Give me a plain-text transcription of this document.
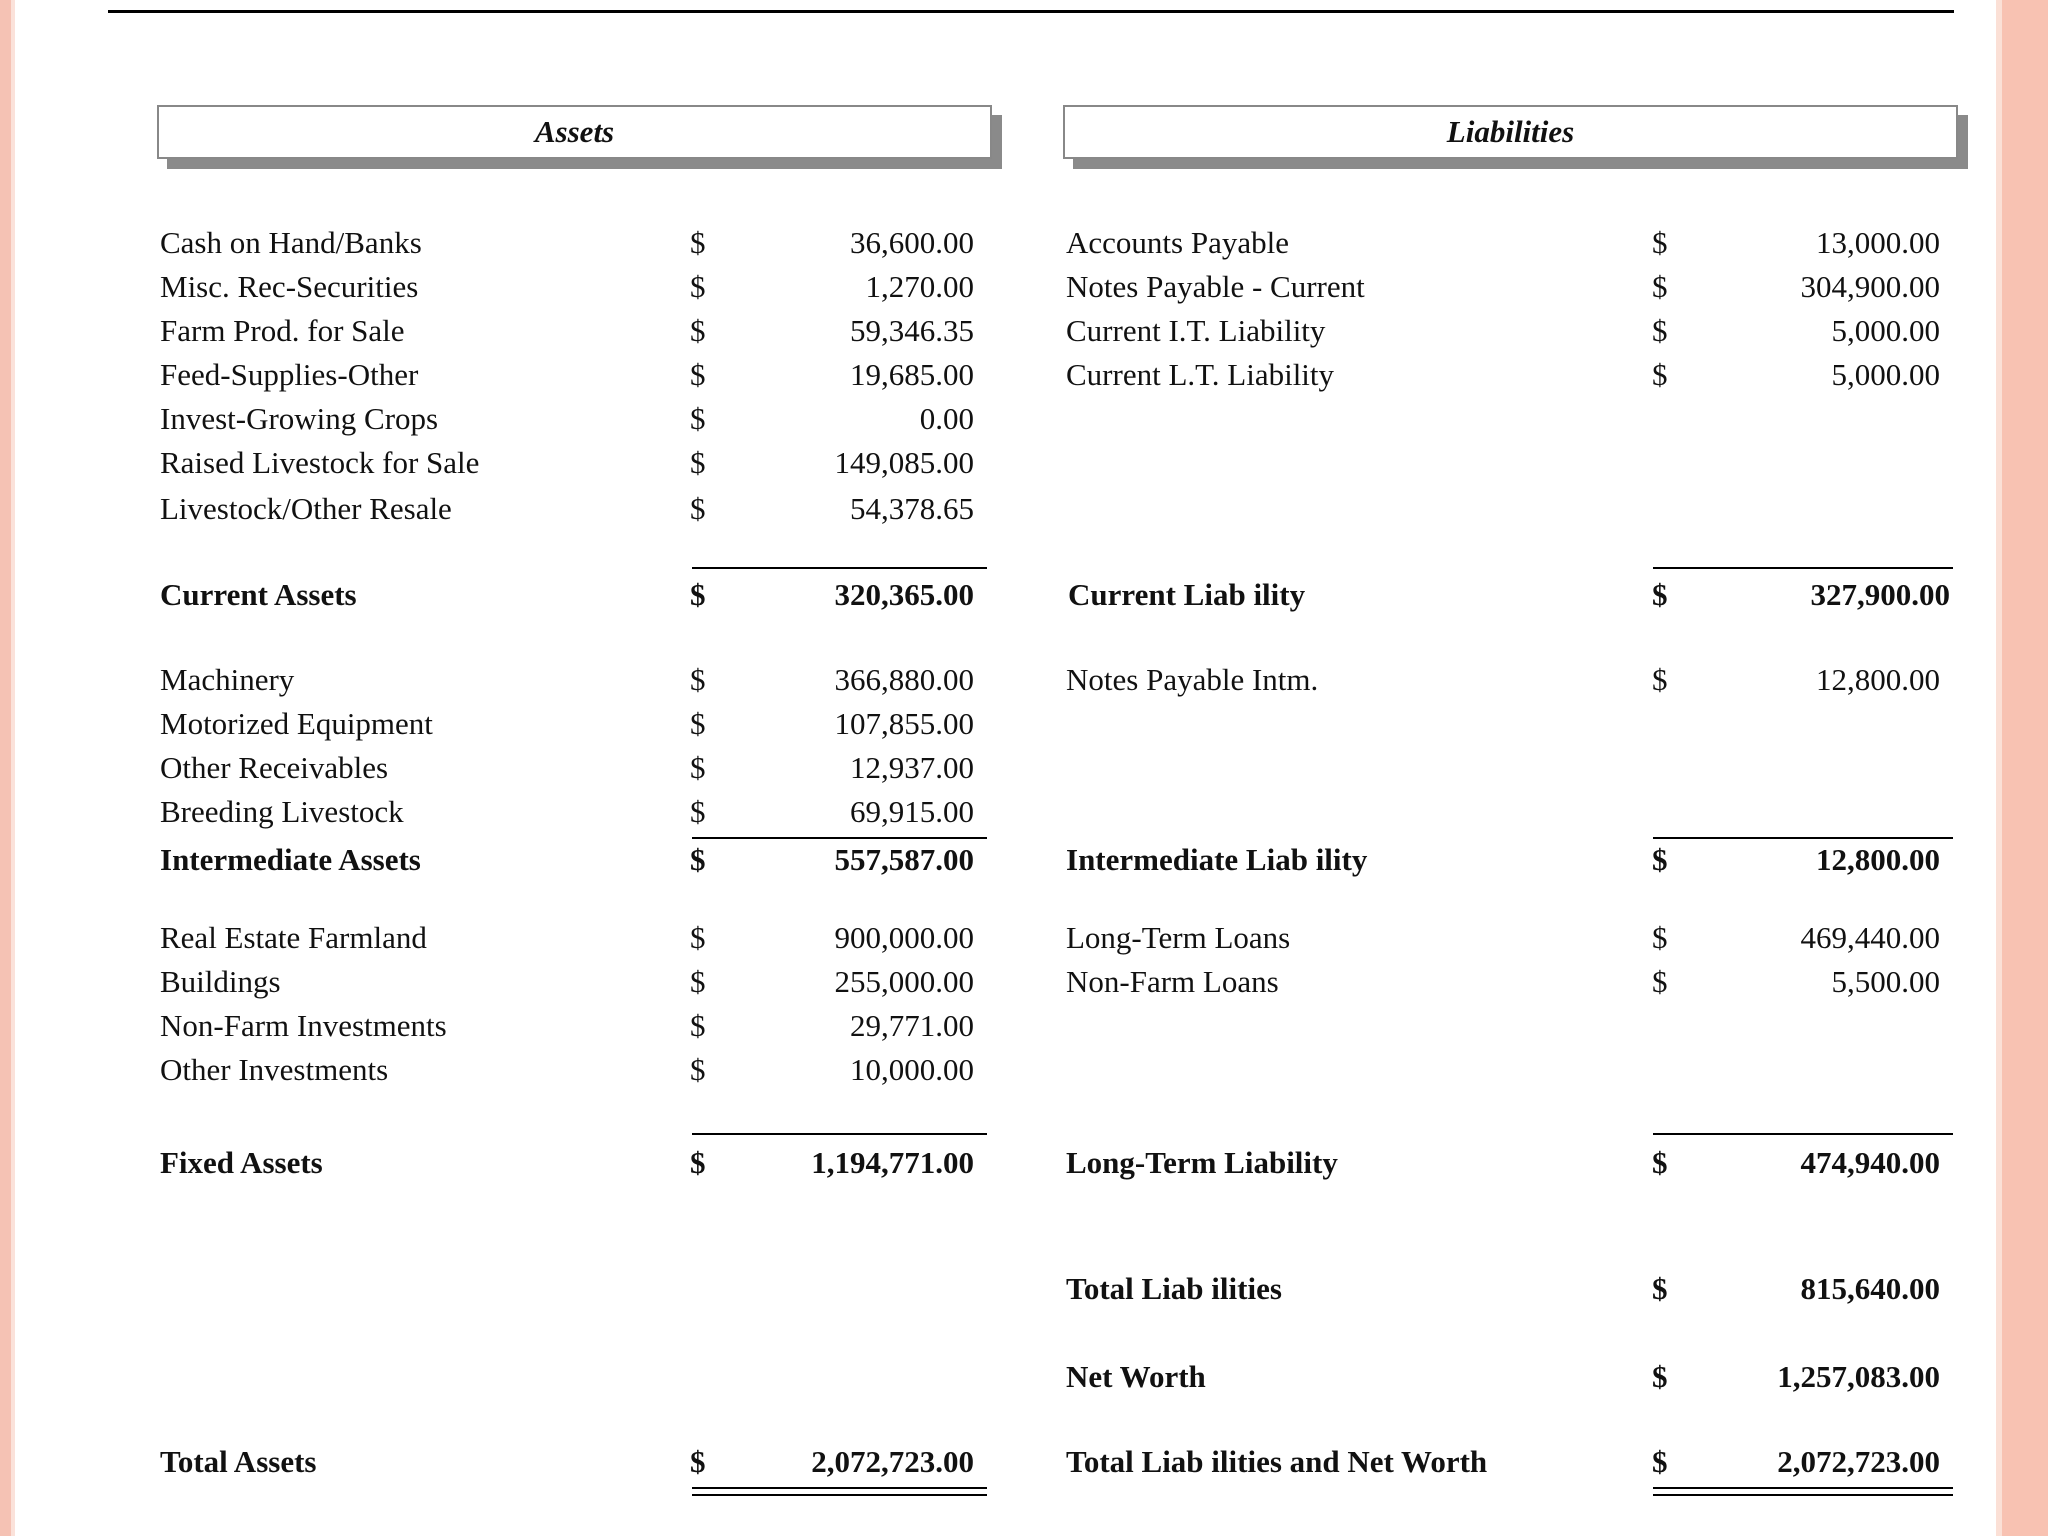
Assets	Liabilities
Cash on Hand/Banks	$	36,600.00
Misc. Rec-Securities	$	1,270.00
Farm Prod. for Sale	$	59,346.35
Feed-Supplies-Other	$	19,685.00
Invest-Growing Crops	$	0.00
Raised Livestock for Sale	$	149,085.00
Livestock/Other Resale	$	54,378.65
Current Assets	$	320,365.00
Machinery	$	366,880.00
Motorized Equipment	$	107,855.00
Other Receivables	$	12,937.00
Breeding Livestock	$	69,915.00
Intermediate Assets	$	557,587.00
Real Estate Farmland	$	900,000.00
Buildings	$	255,000.00
Non-Farm Investments	$	29,771.00
Other Investments	$	10,000.00
Fixed Assets	$	1,194,771.00
Total Assets	$	2,072,723.00
Accounts Payable	$	13,000.00
Notes Payable - Current	$	304,900.00
Current I.T. Liability	$	5,000.00
Current L.T. Liability	$	5,000.00
Current Liab ility	$	327,900.00
Notes Payable Intm.	$	12,800.00
Intermediate Liab ility	$	12,800.00
Long-Term Loans	$	469,440.00
Non-Farm Loans	$	5,500.00
Long-Term Liability	$	474,940.00
Total Liab ilities	$	815,640.00
Net Worth	$	1,257,083.00
Total Liab ilities and Net Worth	$	2,072,723.00
